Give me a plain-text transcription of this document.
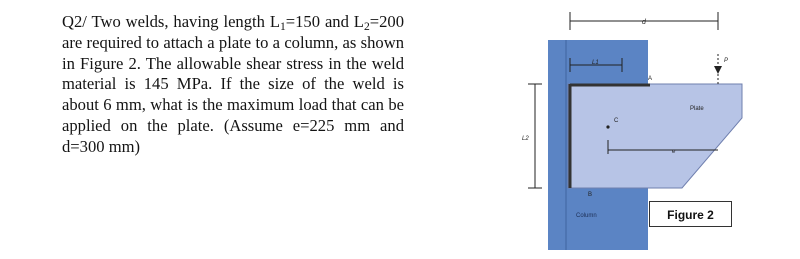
Q2/ Two welds, having length $L_1=150$ and $L_2=200$ are required to attach a plate to a column, as shown in Figure 2. The allowable shear stress in the weld material is 145 MPa. If the size of the weld is about 6 mm, what is the maximum load that can be applied on the plate. (Assume e=225 mm and d=300 mm)

d
L1
L2
A
B
C
e
P
Plate
Column	Figure 2
